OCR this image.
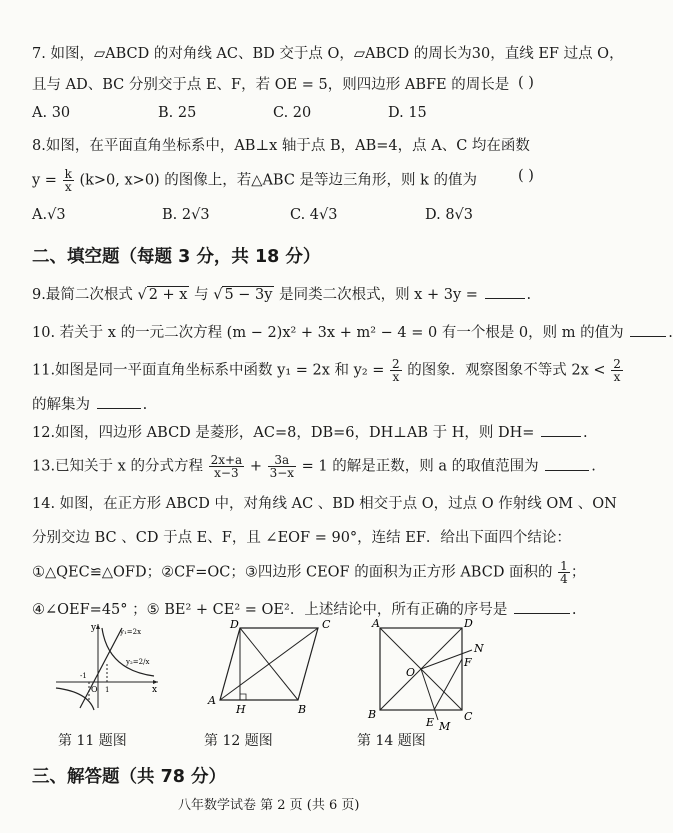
7. 如图，▱ABCD 的对角线 AC、BD 交于点 O，▱ABCD 的周长为30，直线 EF 过点 O，
且与 AD、BC 分别交于点 E、F，若 OE = 5，则四边形 ABFE 的周长是 ( )
A. 30	B. 25	C. 20	D. 15
8.如图，在平面直角坐标系中，AB⊥x 轴于点 B，AB=4，点 A、C 均在函数
$y = \frac{k}{x} (k>0$, x>0) 的图像上，若△ABC 是等边三角形，则 k 的值为	( )
A.√3	B. 2√3	C. 4√3	D. 8√3
二、填空题（每题 3 分，共 18 分）
9.最简二次根式 √ 2 + x 与 √ 5 − 3y 是同类二次根式，则 x + 3y =	.
10. 若关于 x 的一元二次方程 (m − 2)x² + 3x + m² − 4 = 0 有一个根是 0，则 m 的值为	.
11.如图是同一平面直角坐标系中函数 y₁ = 2x 和 $y_2 = \frac{2}{x}$ 的图象．观察图象不等式 $2x < \frac{2}{x}$
的解集为	.
12.如图，四边形 ABCD 是菱形，AC=8，DB=6，DH⊥AB 于 H，则 DH=	.
13.已知关于 x 的分式方程 $\frac{2x+a}{x-3} + \frac{3a}{3-x} = 1$ 的解是正数，则 a 的取值范围为	.
14. 如图，在正方形 ABCD 中，对角线 AC 、BD 相交于点 O，过点 O 作射线 OM 、ON
分别交边 BC 、CD 于点 E、F，且 ∠EOF = 90°，连结 EF．给出下面四个结论：
①△QEC≌△OFD；②CF=OC；③四边形 CEOF 的面积为正方形 ABCD 面积的 $\frac{1}{4}$ ；
④∠OEF=45° ；⑤ BE² + CE² = OE²．上述结论中，所有正确的序号是	.
y
x
O 1
-1
y₁=2x
y₂=2/x
第 11 题图
D	C
A
B
H
第 12 题图
A	D
B	C
O
E
F
M
N
第 14 题图
三、解答题（共 78 分）
八年数学试卷 第 2 页 (共 6 页)
